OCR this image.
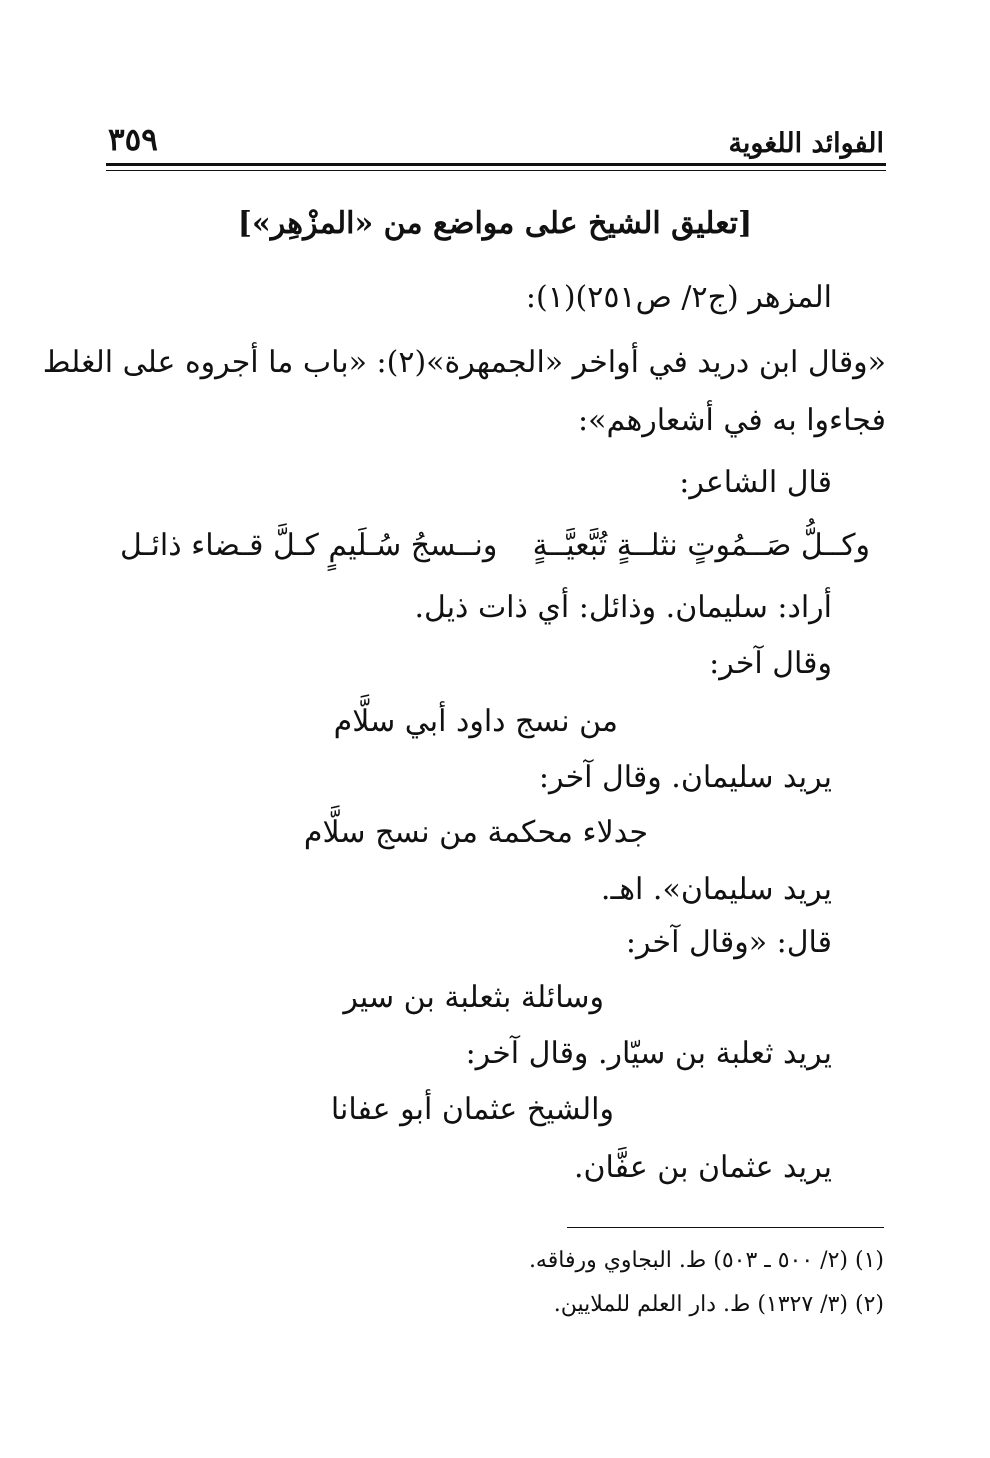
الفوائد اللغوية
٣٥٩
[تعليق الشيخ على مواضع من «المزْهِر»]
المزهر (ج٢/ ص٢٥١)(١):
«وقال ابن دريد في أواخر «الجمهرة»(٢): «باب ما أجروه على الغلط
فجاءوا به في أشعارهم»:
قال الشاعر:
وكــلُّ صَــمُوتٍ نثلــةٍ تُبَّعيَّــةٍ
ونــسجُ سُـلَيمٍ كـلَّ قـضاء ذائـل
أراد: سليمان. وذائل: أي ذات ذيل.
وقال آخر:
من نسج داود أبي سلَّام
يريد سليمان. وقال آخر:
جدلاء محكمة من نسج سلَّام
يريد سليمان». اهـ.
قال: «وقال آخر:
وسائلة بثعلبة بن سير
يريد ثعلبة بن سيّار. وقال آخر:
والشيخ عثمان أبو عفانا
يريد عثمان بن عفَّان.
(١) (٢/ ٥٠٠ ـ ٥٠٣) ط. البجاوي ورفاقه.
(٢) (٣/ ١٣٢٧) ط. دار العلم للملايين.
